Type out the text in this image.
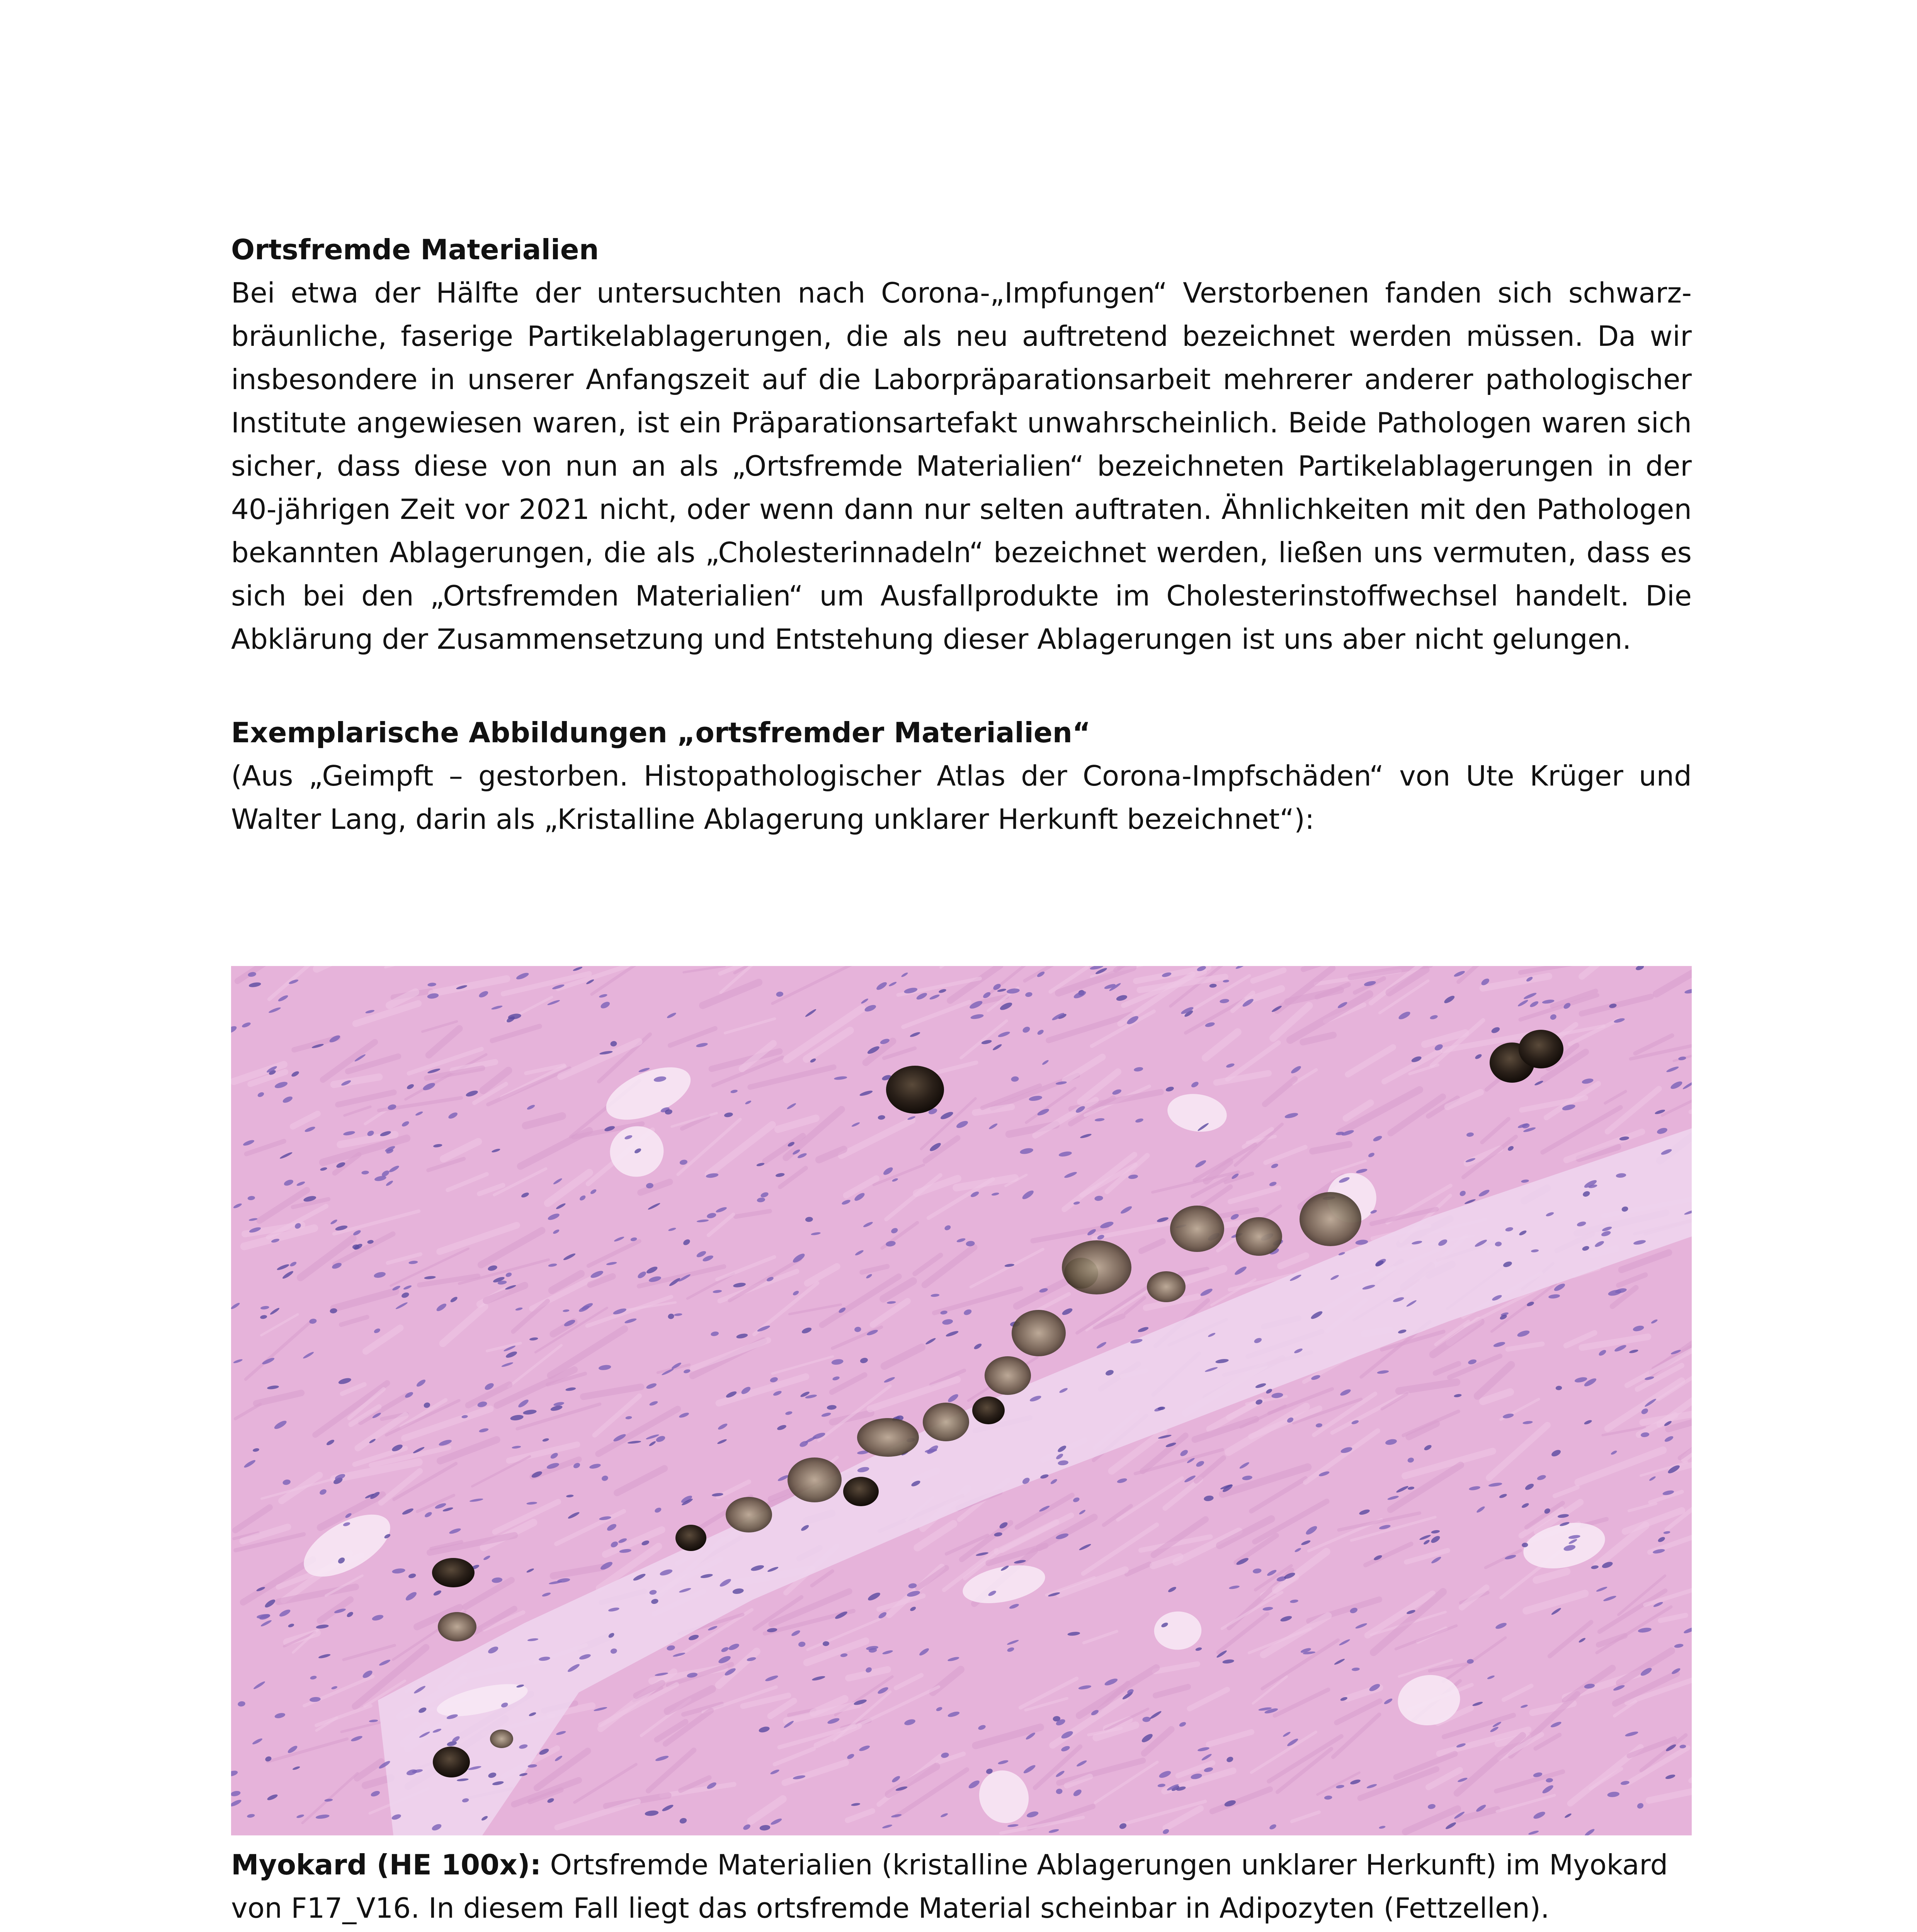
Ortsfremde Materialien

Bei etwa der Hälfte der untersuchten nach Corona-„Impfungen“ Verstorbenen fanden sich schwarz-bräunliche, faserige Partikelablagerungen, die als neu auftretend bezeichnet werden müssen. Da wir insbesondere in unserer Anfangszeit auf die Laborpräparationsarbeit mehrerer anderer pathologischer Institute angewiesen waren, ist ein Präparationsartefakt unwahrscheinlich. Beide Pathologen waren sich sicher, dass diese von nun an als „Ortsfremde Materialien“ bezeichneten Partikelablagerungen in der 40-jährigen Zeit vor 2021 nicht, oder wenn dann nur selten auftraten. Ähnlichkeiten mit den Pathologen bekannten Ablagerungen, die als „Cholesterinnadeln“ bezeichnet werden, ließen uns vermuten, dass es sich bei den „Ortsfremden Materialien“ um Ausfallprodukte im Cholesterinstoffwechsel handelt. Die Abklärung der Zusammensetzung und Entstehung dieser Ablagerungen ist uns aber nicht gelungen.

Exemplarische Abbildungen „ortsfremder Materialien“

(Aus „Geimpft – gestorben. Histopathologischer Atlas der Corona-Impfschäden“ von Ute Krüger und Walter Lang, darin als „Kristalline Ablagerung unklarer Herkunft bezeichnet“):

Myokard (HE 100x): Ortsfremde Materialien (kristalline Ablagerungen unklarer Herkunft) im Myokard von F17_V16. In diesem Fall liegt das ortsfremde Material scheinbar in Adipozyten (Fettzellen).
